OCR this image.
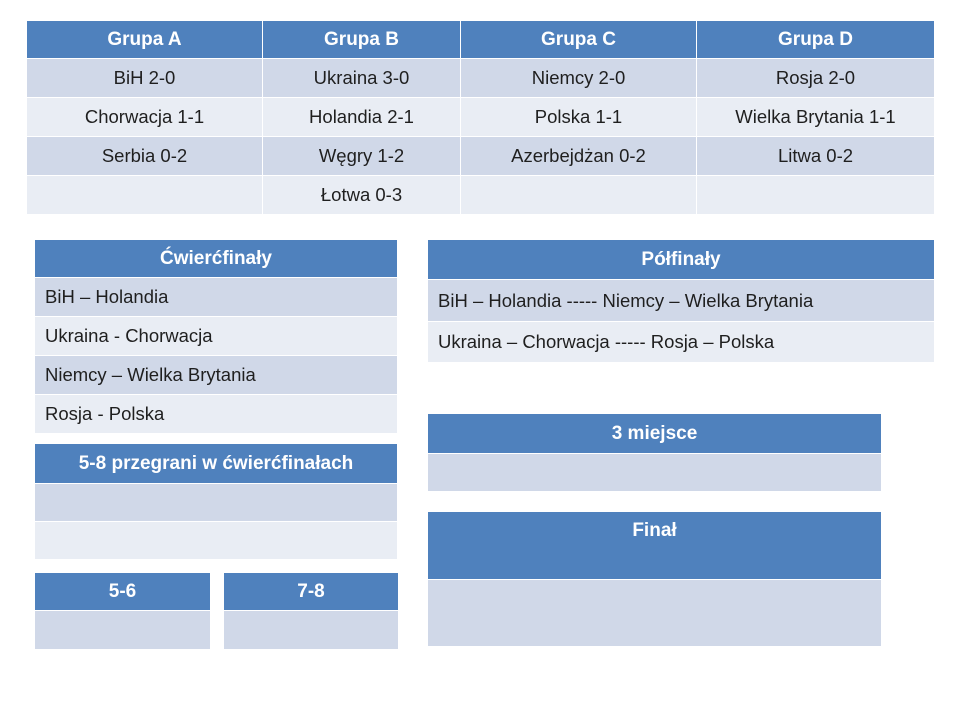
Grupa A	Grupa B	Grupa C	Grupa D
BiH 2-0	Ukraina 3-0	Niemcy 2-0	Rosja 2-0
Chorwacja 1-1	Holandia 2-1	Polska 1-1	Wielka Brytania 1-1
Serbia 0-2	Węgry 1-2	Azerbejdżan 0-2	Litwa 0-2
	Łotwa 0-3		
Ćwierćfinały
BiH – Holandia
Ukraina - Chorwacja
Niemcy – Wielka Brytania
Rosja - Polska
5-8 przegrani w ćwierćfinałach

5-6	7-8

Półfinały
BiH – Holandia ----- Niemcy – Wielka Brytania
Ukraina – Chorwacja ----- Rosja – Polska
3 miejsce

Finał
